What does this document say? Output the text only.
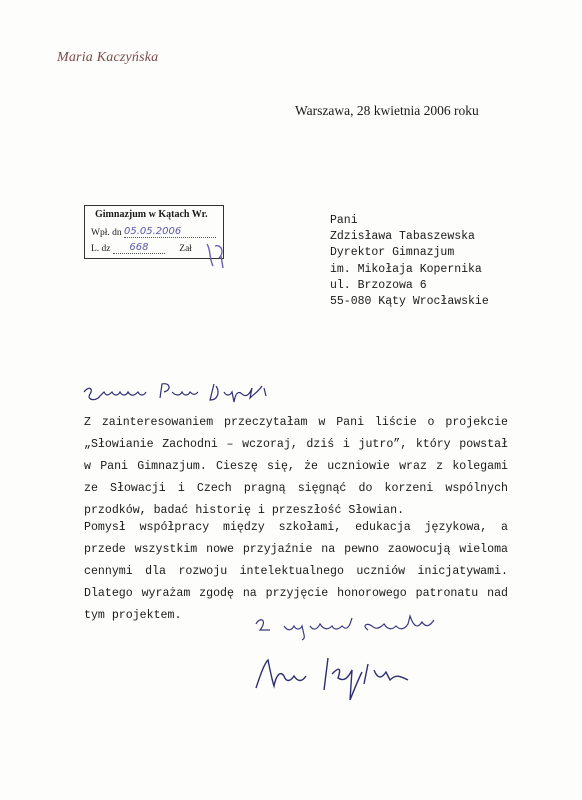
Maria Kaczyńska
Warszawa, 28 kwietnia 2006 roku
Gimnazjum w Kątach Wr.
Wpł. dn 05.05.2006
L. dz 668	Zał
Pani
Zdzisława Tabaszewska
Dyrektor Gimnazjum
im. Mikołaja Kopernika
ul. Brzozowa 6
55-080 Kąty Wrocławskie
Z zainteresowaniem przeczytałam w Pani liście o projekcie „Słowianie Zachodni – wczoraj, dziś i jutro”, który powstał w Pani Gimnazjum. Cieszę się, że uczniowie wraz z kolegami ze Słowacji i Czech pragną sięgnąć do korzeni wspólnych przodków, badać historię i przeszłość Słowian.
Pomysł współpracy między szkołami, edukacja językowa, a przede wszystkim nowe przyjaźnie na pewno zaowocują wieloma cennymi dla rozwoju intelektualnego uczniów inicjatywami. Dlatego wyrażam zgodę na przyjęcie honorowego patronatu nad tym projektem.
